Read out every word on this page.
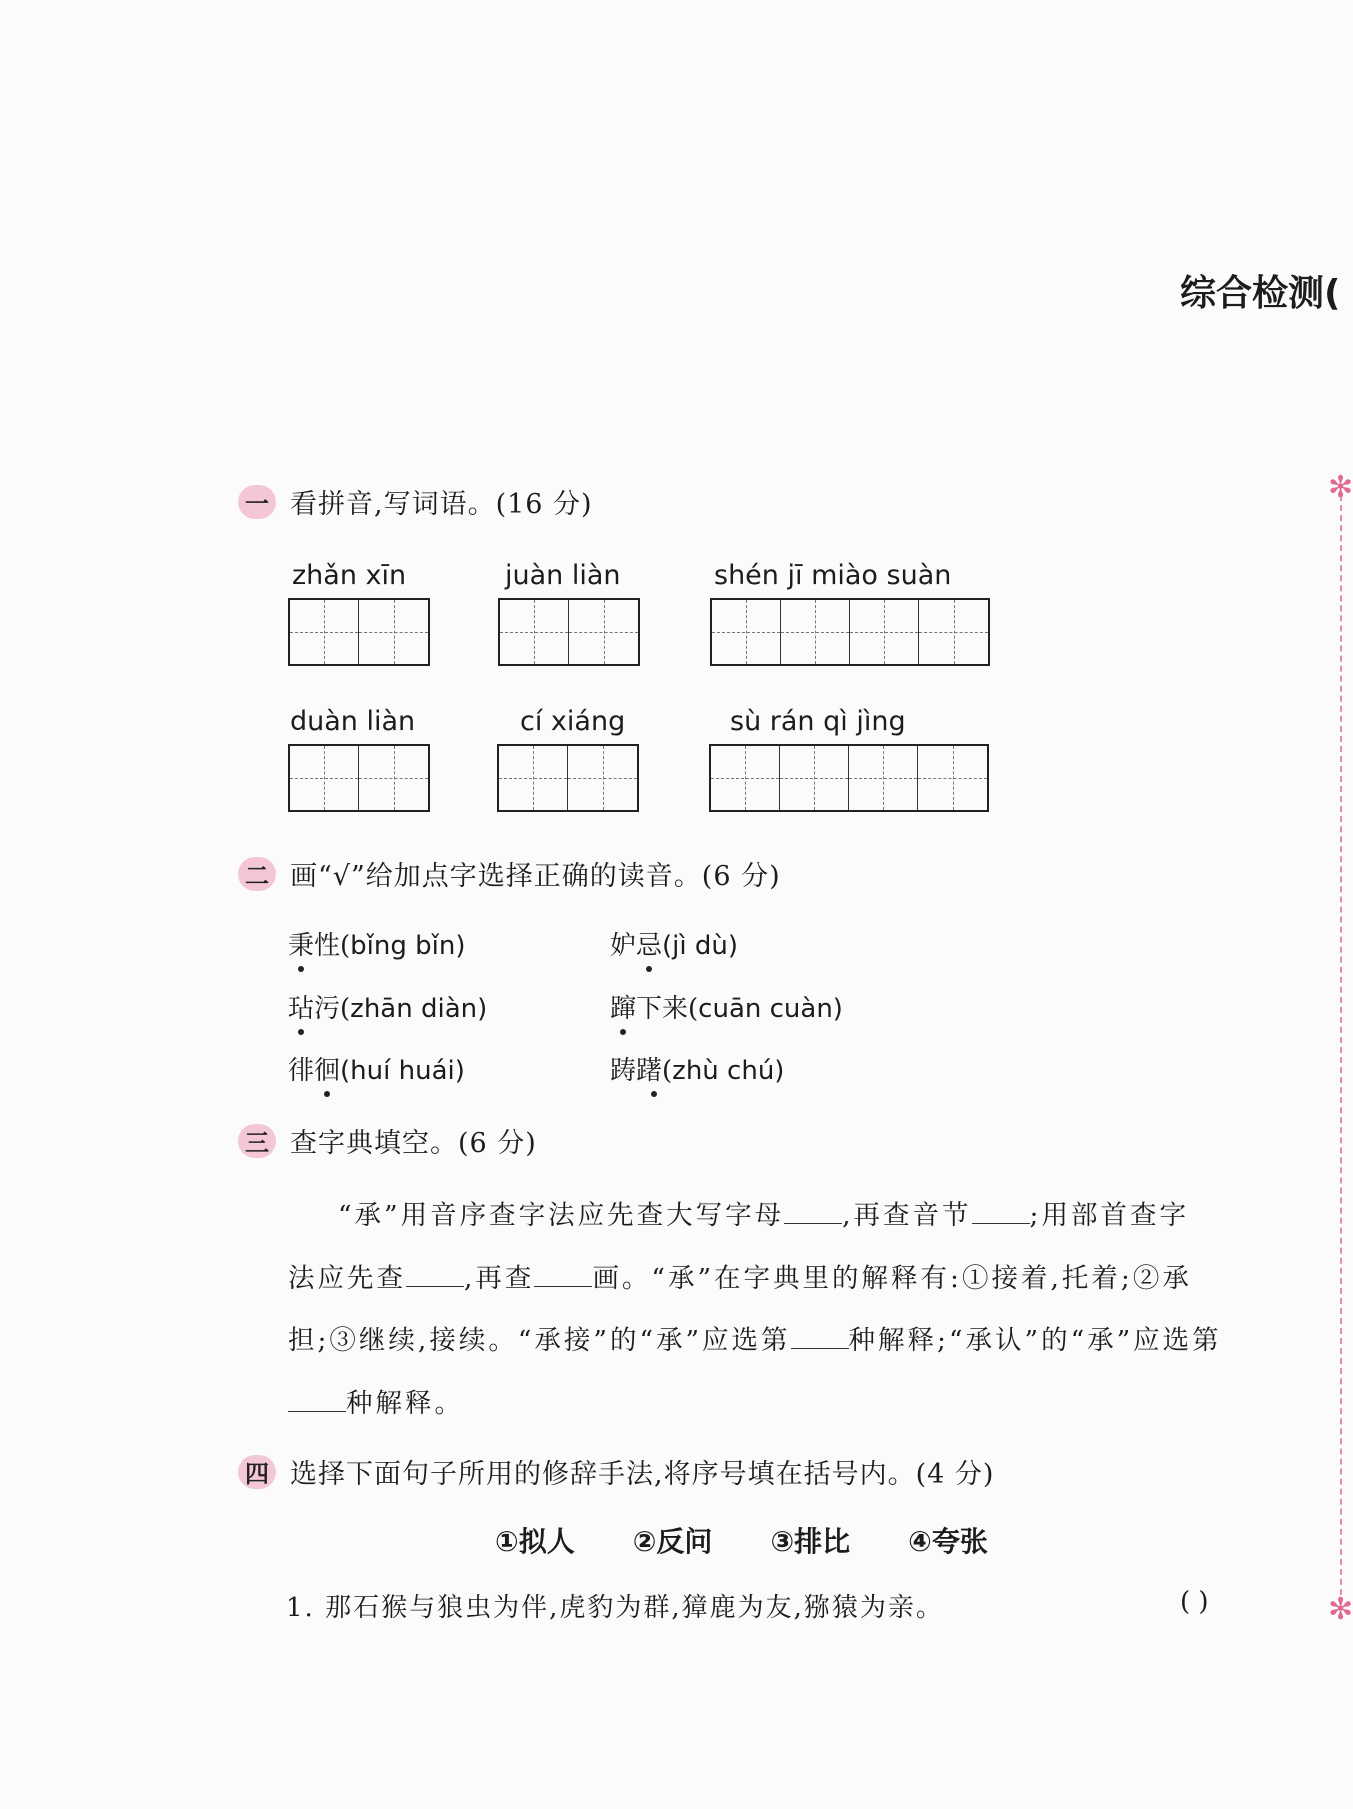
综合检测(
一 看拼音,写词语。(16 分)
zhǎn xīn	juàn liàn	shén jī miào suàn
duàn liàn	cí xiáng	sù rán qì jìng
二 画“√”给加点字选择正确的读音。(6 分)
秉性(bǐng bǐn)	妒忌(jì dù)
玷污(zhān diàn)	蹿下来(cuān cuàn)
徘徊(huí huái)	踌躇(zhù chú)
三 查字典填空。(6 分)
“承”用音序查字法应先查大写字母 ,再查音节 ;用部首查字
法应先查 ,再查 画。“承”在字典里的解释有:①接着,托着;②承
担;③继续,接续。“承接”的“承”应选第 种解释;“承认”的“承”应选第
种解释。
四 选择下面句子所用的修辞手法,将序号填在括号内。(4 分)
①拟人 ②反问 ③排比 ④夸张
1. 那石猴与狼虫为伴,虎豹为群,獐鹿为友,猕猿为亲。	( )
✻
✻
